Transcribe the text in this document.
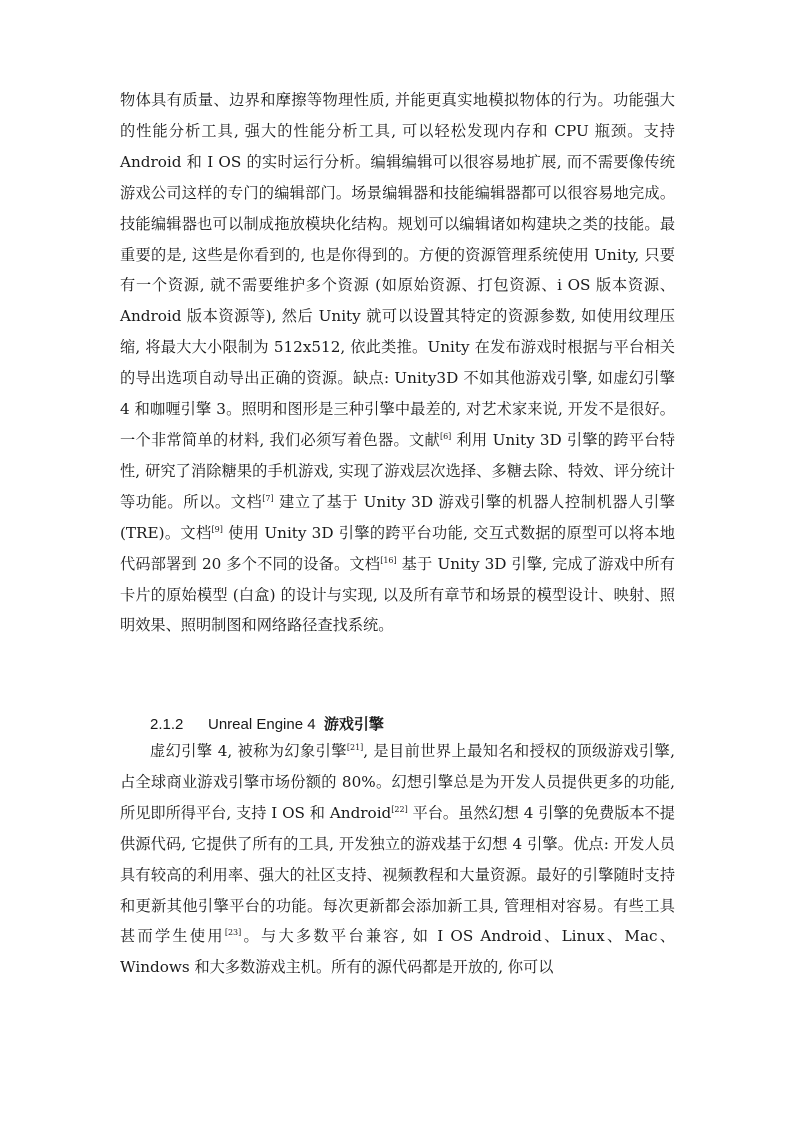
物体具有质量、边界和摩擦等物理性质, 并能更真实地模拟物体的行为。功能强大的性能分析工具, 强大的性能分析工具, 可以轻松发现内存和 CPU 瓶颈。支持 Android 和 I OS 的实时运行分析。编辑编辑可以很容易地扩展, 而不需要像传统游戏公司这样的专门的编辑部门。场景编辑器和技能编辑器都可以很容易地完成。技能编辑器也可以制成拖放模块化结构。规划可以编辑诸如构建块之类的技能。最重要的是, 这些是你看到的, 也是你得到的。方便的资源管理系统使用 Unity, 只要有一个资源, 就不需要维护多个资源 (如原始资源、打包资源、i OS 版本资源、Android 版本资源等), 然后 Unity 就可以设置其特定的资源参数, 如使用纹理压缩, 将最大大小限制为 512x512, 依此类推。Unity 在发布游戏时根据与平台相关的导出选项自动导出正确的资源。缺点: Unity3D 不如其他游戏引擎, 如虚幻引擎 4 和咖喱引擎 3。照明和图形是三种引擎中最差的, 对艺术家来说, 开发不是很好。一个非常简单的材料, 我们必须写着色器。文献[6] 利用 Unity 3D 引擎的跨平台特性, 研究了消除糖果的手机游戏, 实现了游戏层次选择、多糖去除、特效、评分统计等功能。所以。文档[7] 建立了基于 Unity 3D 游戏引擎的机器人控制机器人引擎 (TRE)。文档[9] 使用 Unity 3D 引擎的跨平台功能, 交互式数据的原型可以将本地代码部署到 20 多个不同的设备。文档[16] 基于 Unity 3D 引擎, 完成了游戏中所有卡片的原始模型 (白盒) 的设计与实现, 以及所有章节和场景的模型设计、映射、照明效果、照明制图和网络路径查找系统。

2.1.2 Unreal Engine 4 游戏引擎

虚幻引擎 4, 被称为幻象引擎[21], 是目前世界上最知名和授权的顶级游戏引擎, 占全球商业游戏引擎市场份额的 80%。幻想引擎总是为开发人员提供更多的功能, 所见即所得平台, 支持 I OS 和 Android[22] 平台。虽然幻想 4 引擎的免费版本不提供源代码, 它提供了所有的工具, 开发独立的游戏基于幻想 4 引擎。优点: 开发人员具有较高的利用率、强大的社区支持、视频教程和大量资源。最好的引擎随时支持和更新其他引擎平台的功能。每次更新都会添加新工具, 管理相对容易。有些工具甚而学生使用[23]。与大多数平台兼容, 如 I OS Android、Linux、Mac、Windows 和大多数游戏主机。所有的源代码都是开放的, 你可以
